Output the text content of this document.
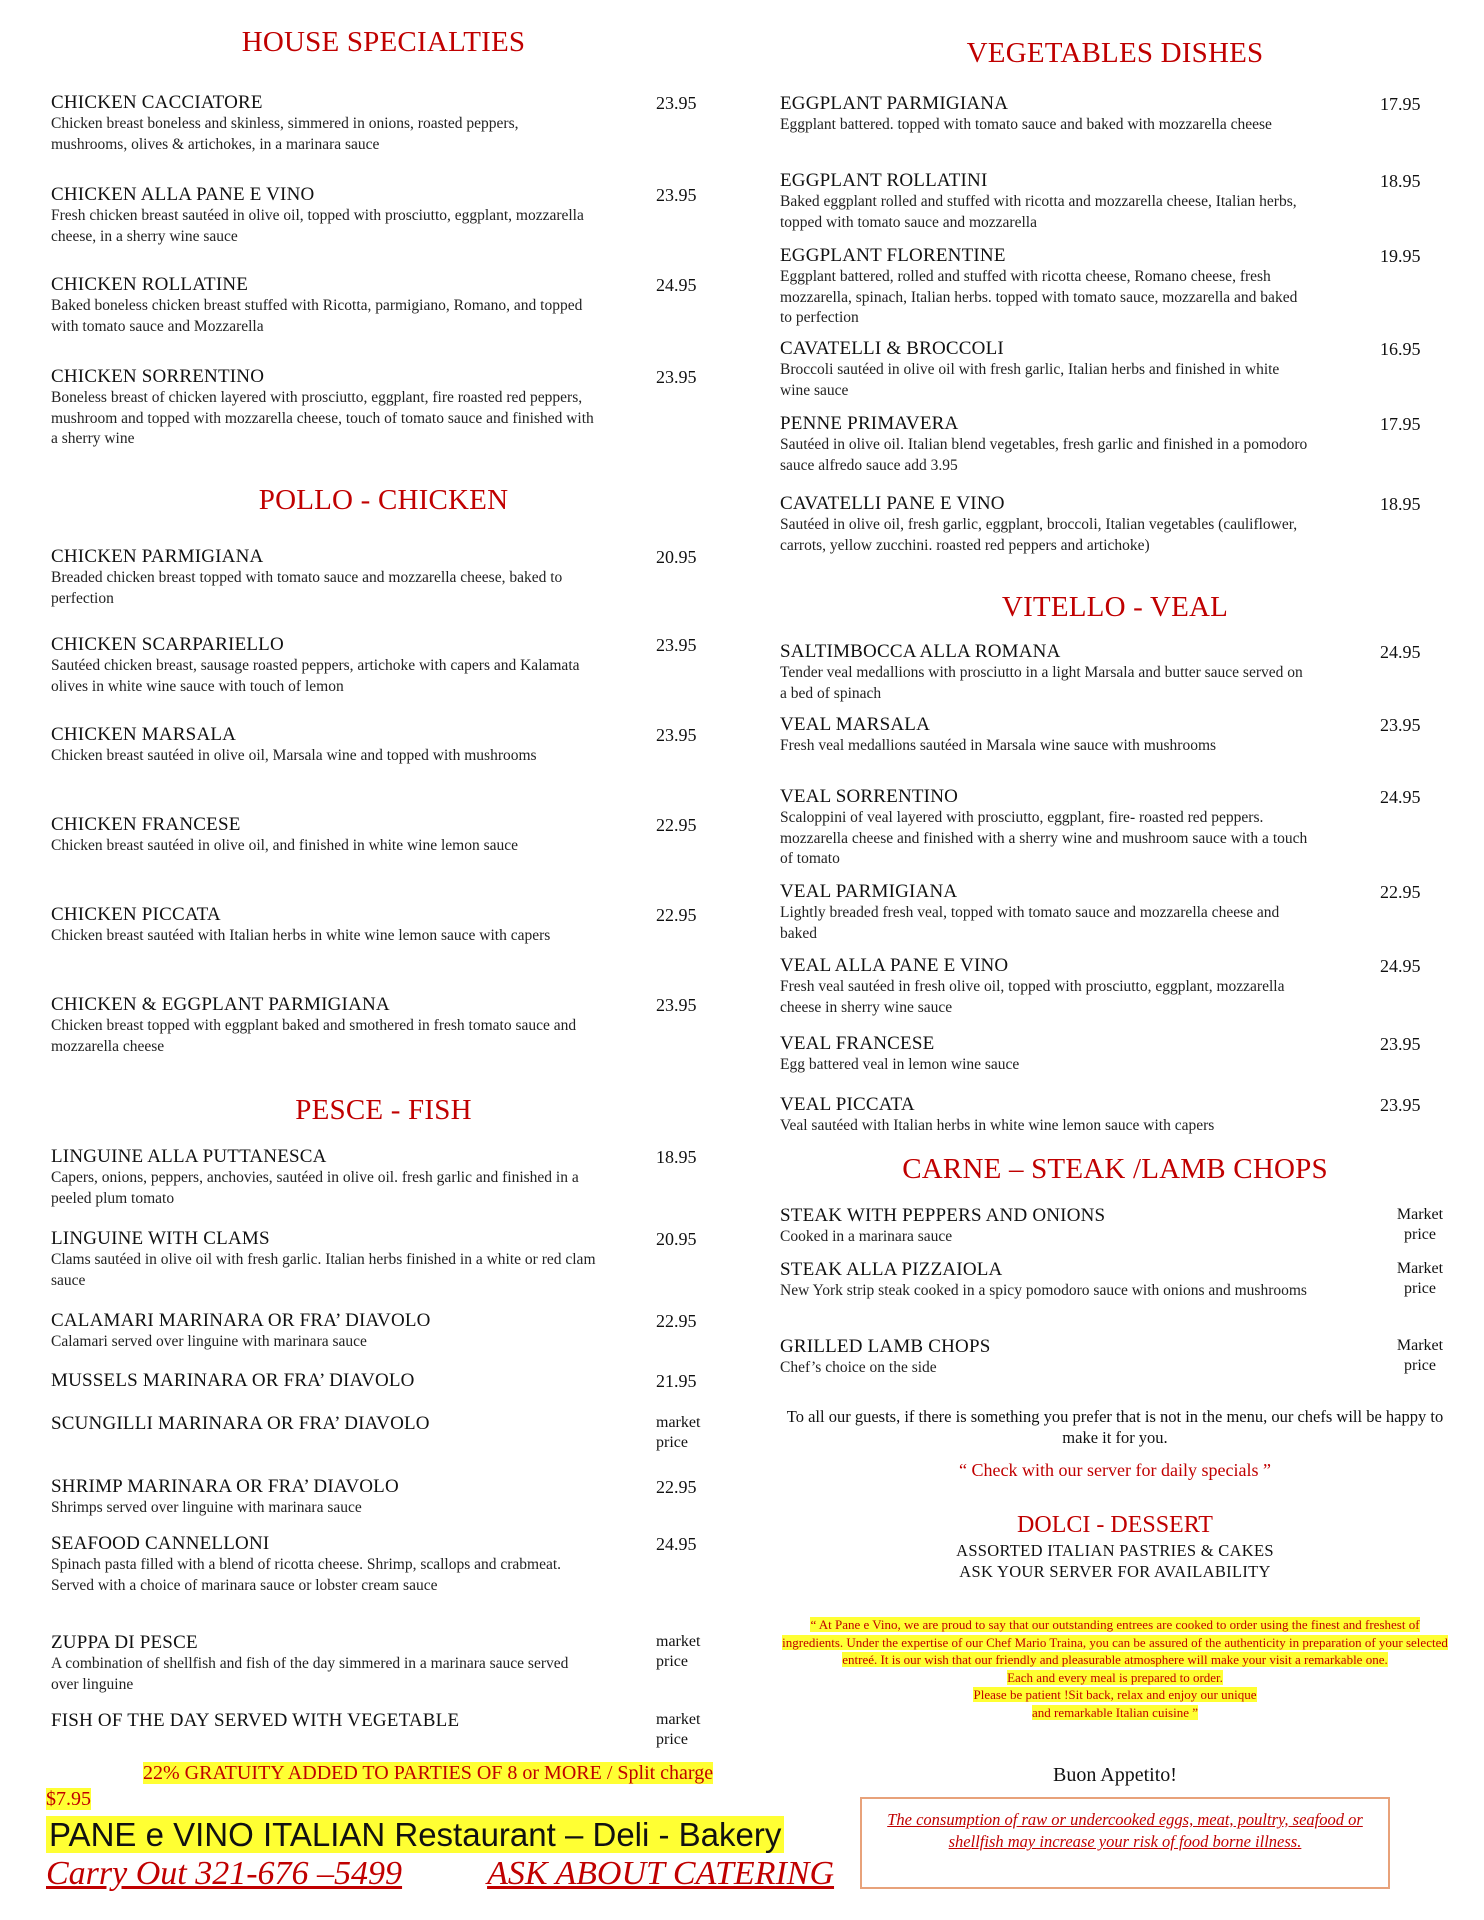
HOUSE SPECIALTIES
CHICKEN CACCIATORE
Chicken breast boneless and skinless, simmered in onions, roasted peppers, mushrooms, olives & artichokes, in a marinara sauce
23.95
CHICKEN ALLA PANE E VINO
Fresh chicken breast sautéed in olive oil, topped with prosciutto, eggplant, mozzarella cheese, in a sherry wine sauce
23.95
CHICKEN ROLLATINE
Baked boneless chicken breast stuffed with Ricotta, parmigiano, Romano, and topped with tomato sauce and Mozzarella
24.95
CHICKEN SORRENTINO
Boneless breast of chicken layered with prosciutto, eggplant, fire roasted red peppers, mushroom and topped with mozzarella cheese, touch of tomato sauce and finished with a sherry wine
23.95
POLLO - CHICKEN
CHICKEN PARMIGIANA
Breaded chicken breast topped with tomato sauce and mozzarella cheese, baked to perfection
20.95
CHICKEN SCARPARIELLO
Sautéed chicken breast, sausage roasted peppers, artichoke with capers and Kalamata olives in white wine sauce with touch of lemon
23.95
CHICKEN MARSALA
Chicken breast sautéed in olive oil, Marsala wine and topped with mushrooms
23.95
CHICKEN FRANCESE
Chicken breast sautéed in olive oil, and finished in white wine lemon sauce
22.95
CHICKEN PICCATA
Chicken breast sautéed with Italian herbs in white wine lemon sauce with capers
22.95
CHICKEN & EGGPLANT PARMIGIANA
Chicken breast topped with eggplant baked and smothered in fresh tomato sauce and mozzarella cheese
23.95
PESCE - FISH
LINGUINE ALLA PUTTANESCA
Capers, onions, peppers, anchovies, sautéed in olive oil. fresh garlic and finished in a peeled plum tomato
18.95
LINGUINE WITH CLAMS
Clams sautéed in olive oil with fresh garlic. Italian herbs finished in a white or red clam sauce
20.95
CALAMARI MARINARA OR FRA’ DIAVOLO
Calamari served over linguine with marinara sauce
22.95
MUSSELS MARINARA OR FRA’ DIAVOLO	21.95
SCUNGILLI MARINARA OR FRA’ DIAVOLO	market price
SHRIMP MARINARA OR FRA’ DIAVOLO
Shrimps served over linguine with marinara sauce
22.95
SEAFOOD CANNELLONI
Spinach pasta filled with a blend of ricotta cheese. Shrimp, scallops and crabmeat. Served with a choice of marinara sauce or lobster cream sauce
24.95
ZUPPA DI PESCE
A combination of shellfish and fish of the day simmered in a marinara sauce served over linguine
market price
FISH OF THE DAY SERVED WITH VEGETABLE	market price
VEGETABLES DISHES
EGGPLANT PARMIGIANA
Eggplant battered. topped with tomato sauce and baked with mozzarella cheese
17.95
EGGPLANT ROLLATINI
Baked eggplant rolled and stuffed with ricotta and mozzarella cheese, Italian herbs, topped with tomato sauce and mozzarella
18.95
EGGPLANT FLORENTINE
Eggplant battered, rolled and stuffed with ricotta cheese, Romano cheese, fresh mozzarella, spinach, Italian herbs. topped with tomato sauce, mozzarella and baked to perfection
19.95
CAVATELLI & BROCCOLI
Broccoli sautéed in olive oil with fresh garlic, Italian herbs and finished in white wine sauce
16.95
PENNE PRIMAVERA
Sautéed in olive oil. Italian blend vegetables, fresh garlic and finished in a pomodoro sauce alfredo sauce add 3.95
17.95
CAVATELLI PANE E VINO
Sautéed in olive oil, fresh garlic, eggplant, broccoli, Italian vegetables (cauliflower, carrots, yellow zucchini. roasted red peppers and artichoke)
18.95
VITELLO - VEAL
SALTIMBOCCA ALLA ROMANA
Tender veal medallions with prosciutto in a light Marsala and butter sauce served on a bed of spinach
24.95
VEAL MARSALA
Fresh veal medallions sautéed in Marsala wine sauce with mushrooms
23.95
VEAL SORRENTINO
Scaloppini of veal layered with prosciutto, eggplant, fire- roasted red peppers. mozzarella cheese and finished with a sherry wine and mushroom sauce with a touch of tomato
24.95
VEAL PARMIGIANA
Lightly breaded fresh veal, topped with tomato sauce and mozzarella cheese and baked
22.95
VEAL ALLA PANE E VINO
Fresh veal sautéed in fresh olive oil, topped with prosciutto, eggplant, mozzarella cheese in sherry wine sauce
24.95
VEAL FRANCESE
Egg battered veal in lemon wine sauce
23.95
VEAL PICCATA
Veal sautéed with Italian herbs in white wine lemon sauce with capers
23.95
CARNE – STEAK /LAMB CHOPS
STEAK WITH PEPPERS AND ONIONS
Cooked in a marinara sauce
Market price
STEAK ALLA PIZZAIOLA
New York strip steak cooked in a spicy pomodoro sauce with onions and mushrooms
Market price
GRILLED LAMB CHOPS
Chef’s choice on the side
Market price
To all our guests, if there is something you prefer that is not in the menu, our chefs will be happy to make it for you.
“ Check with our server for daily specials ”
DOLCI - DESSERT
ASSORTED ITALIAN PASTRIES & CAKES
ASK YOUR SERVER FOR AVAILABILITY
“ At Pane e Vino, we are proud to say that our outstanding entrees are cooked to order using the finest and freshest of ingredients. Under the expertise of our Chef Mario Traina, you can be assured of the authenticity in preparation of your selected entreé. It is our wish that our friendly and pleasurable atmosphere will make your visit a remarkable one.
Each and every meal is prepared to order.
Please be patient !Sit back, relax and enjoy our unique
and remarkable Italian cuisine ”
Buon Appetito!

The consumption of raw or undercooked eggs, meat, poultry, seafood or shellfish may increase your risk of food borne illness.

22% GRATUITY ADDED TO PARTIES OF 8 or MORE / Split charge
$7.95
PANE e VINO ITALIAN Restaurant – Deli - Bakery
Carry Out 321-676 –5499	ASK ABOUT CATERING
